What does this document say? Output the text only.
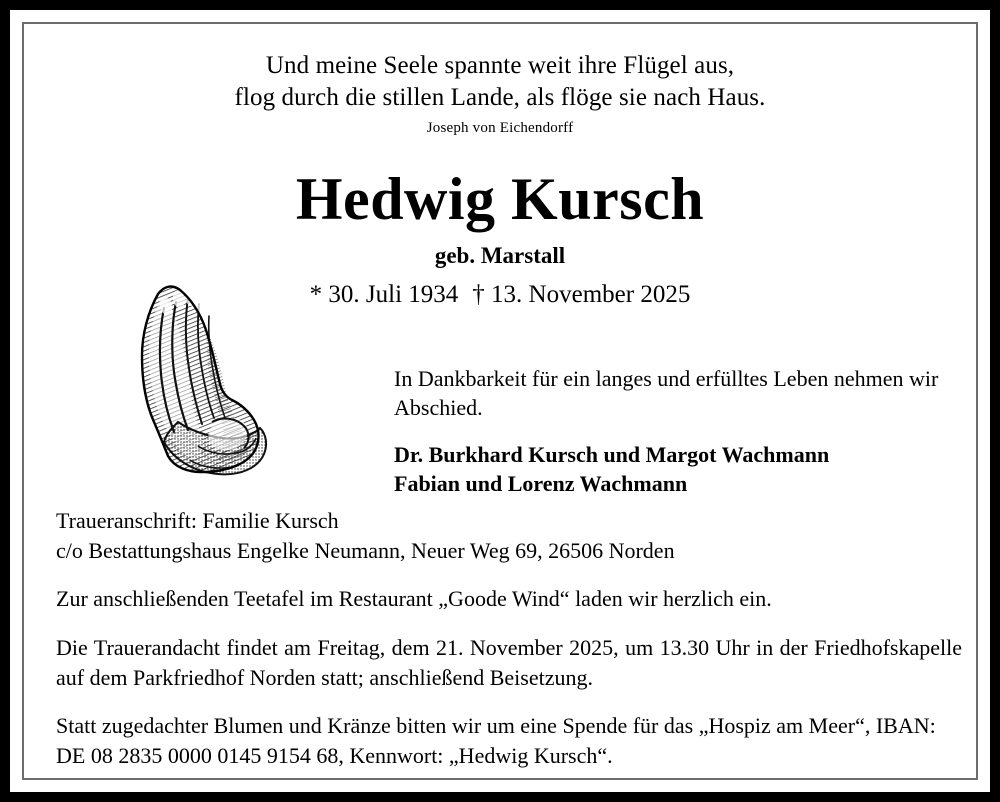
Und meine Seele spannte weit ihre Flügel aus,
flog durch die stillen Lande, als flöge sie nach Haus.
Joseph von Eichendorff
Hedwig Kursch
geb. Marstall
* 30. Juli 1934 † 13. November 2025
In Dankbarkeit für ein langes und erfülltes Leben nehmen wir Abschied.
Dr. Burkhard Kursch und Margot Wachmann
Fabian und Lorenz Wachmann
Traueranschrift: Familie Kursch
c/o Bestattungshaus Engelke Neumann, Neuer Weg 69, 26506 Norden
Zur anschließenden Teetafel im Restaurant „Goode Wind“ laden wir herzlich ein.
Die Trauerandacht findet am Freitag, dem 21. November 2025, um 13.30 Uhr in der Friedhofskapelle auf dem Parkfriedhof Norden statt; anschließend Beisetzung.
Statt zugedachter Blumen und Kränze bitten wir um eine Spende für das „Hospiz am Meer“, IBAN: DE 08 2835 0000 0145 9154 68, Kennwort: „Hedwig Kursch“.
